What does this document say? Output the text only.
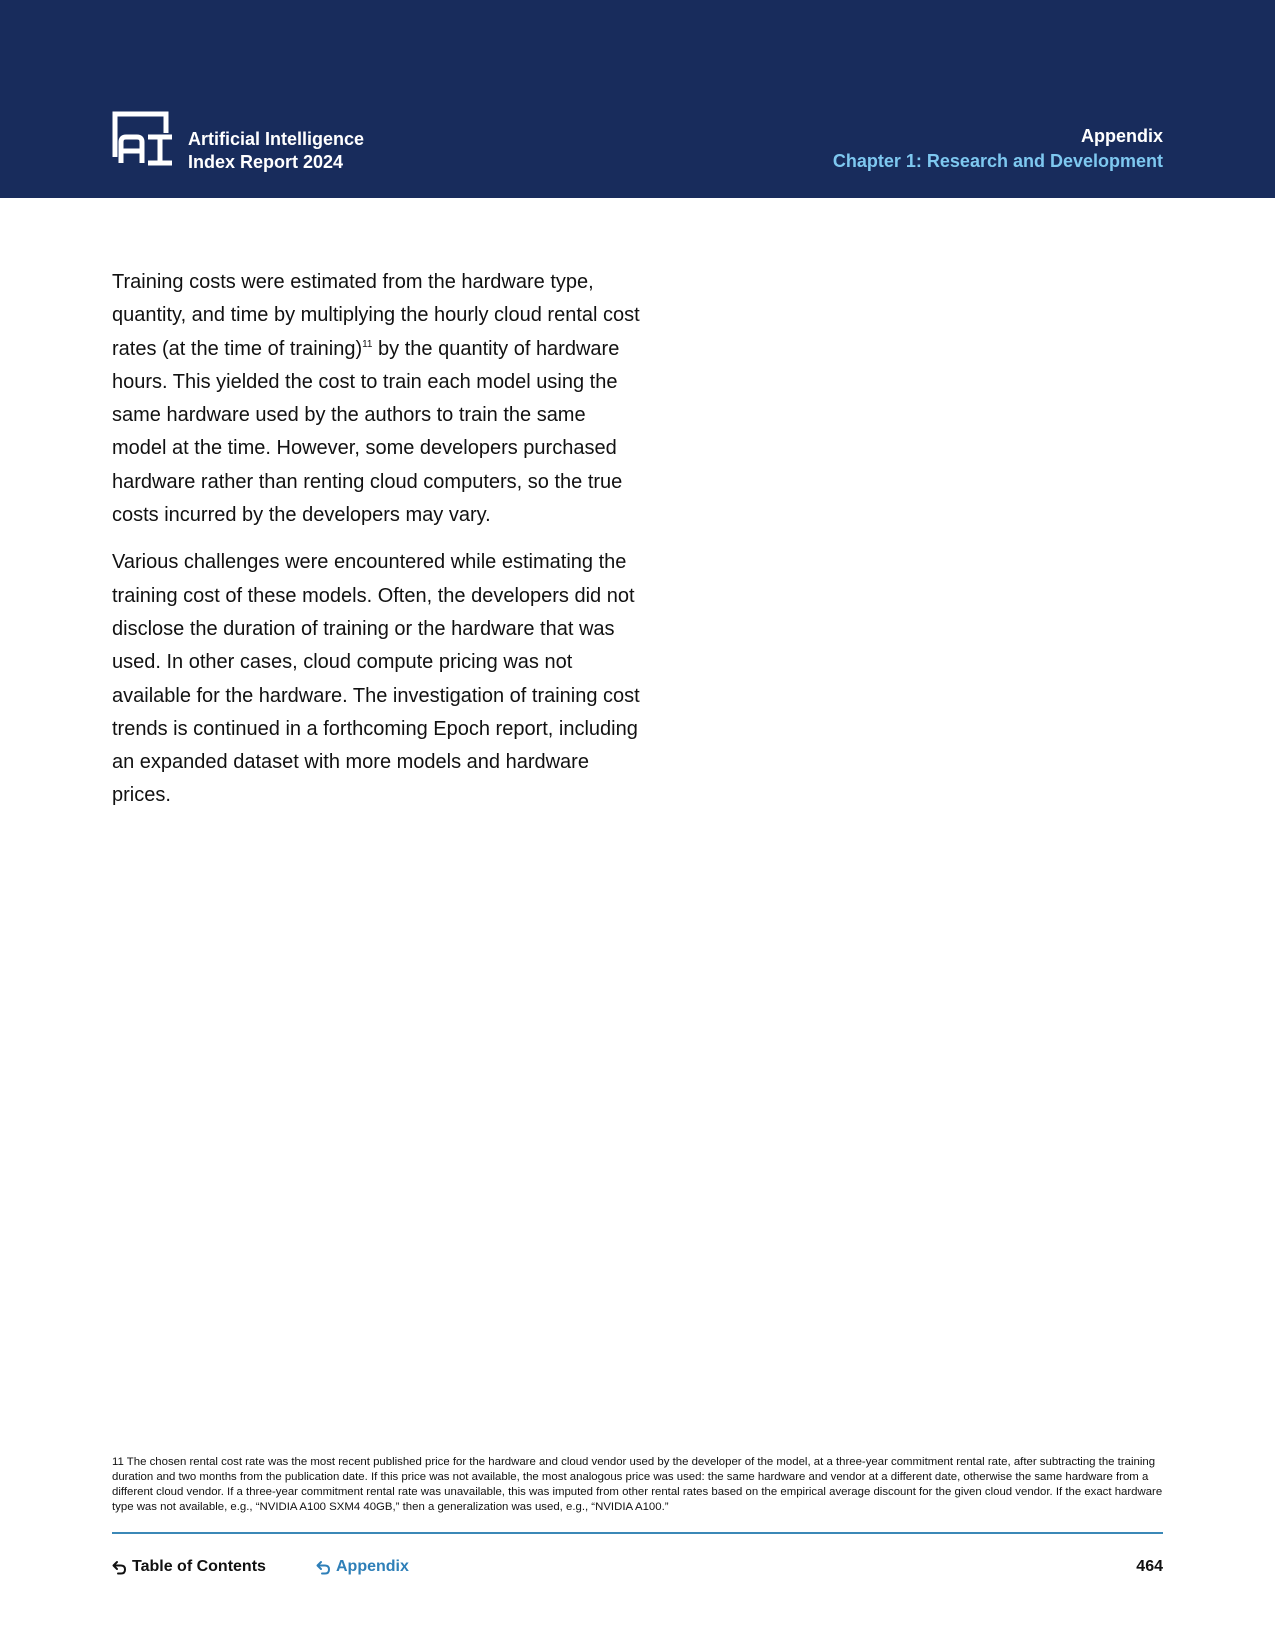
Artificial Intelligence
Index Report 2024
Appendix
Chapter 1: Research and Development

Training costs were estimated from the hardware type, quantity, and time by multiplying the hourly cloud rental cost rates (at the time of training)$^{11}$ by the quantity of hardware hours. This yielded the cost to train each model using the same hardware used by the authors to train the same model at the time. However, some developers purchased hardware rather than renting cloud computers, so the true costs incurred by the developers may vary.

Various challenges were encountered while estimating the training cost of these models. Often, the developers did not disclose the duration of training or the hardware that was used. In other cases, cloud compute pricing was not available for the hardware. The investigation of training cost trends is continued in a forthcoming Epoch report, including an expanded dataset with more models and hardware prices.

11 The chosen rental cost rate was the most recent published price for the hardware and cloud vendor used by the developer of the model, at a three-year commitment rental rate, after subtracting the training duration and two months from the publication date. If this price was not available, the most analogous price was used: the same hardware and vendor at a different date, otherwise the same hardware from a different cloud vendor. If a three-year commitment rental rate was unavailable, this was imputed from other rental rates based on the empirical average discount for the given cloud vendor. If the exact hardware type was not available, e.g., “NVIDIA A100 SXM4 40GB,” then a generalization was used, e.g., “NVIDIA A100.”
Table of Contents	Appendix	464
